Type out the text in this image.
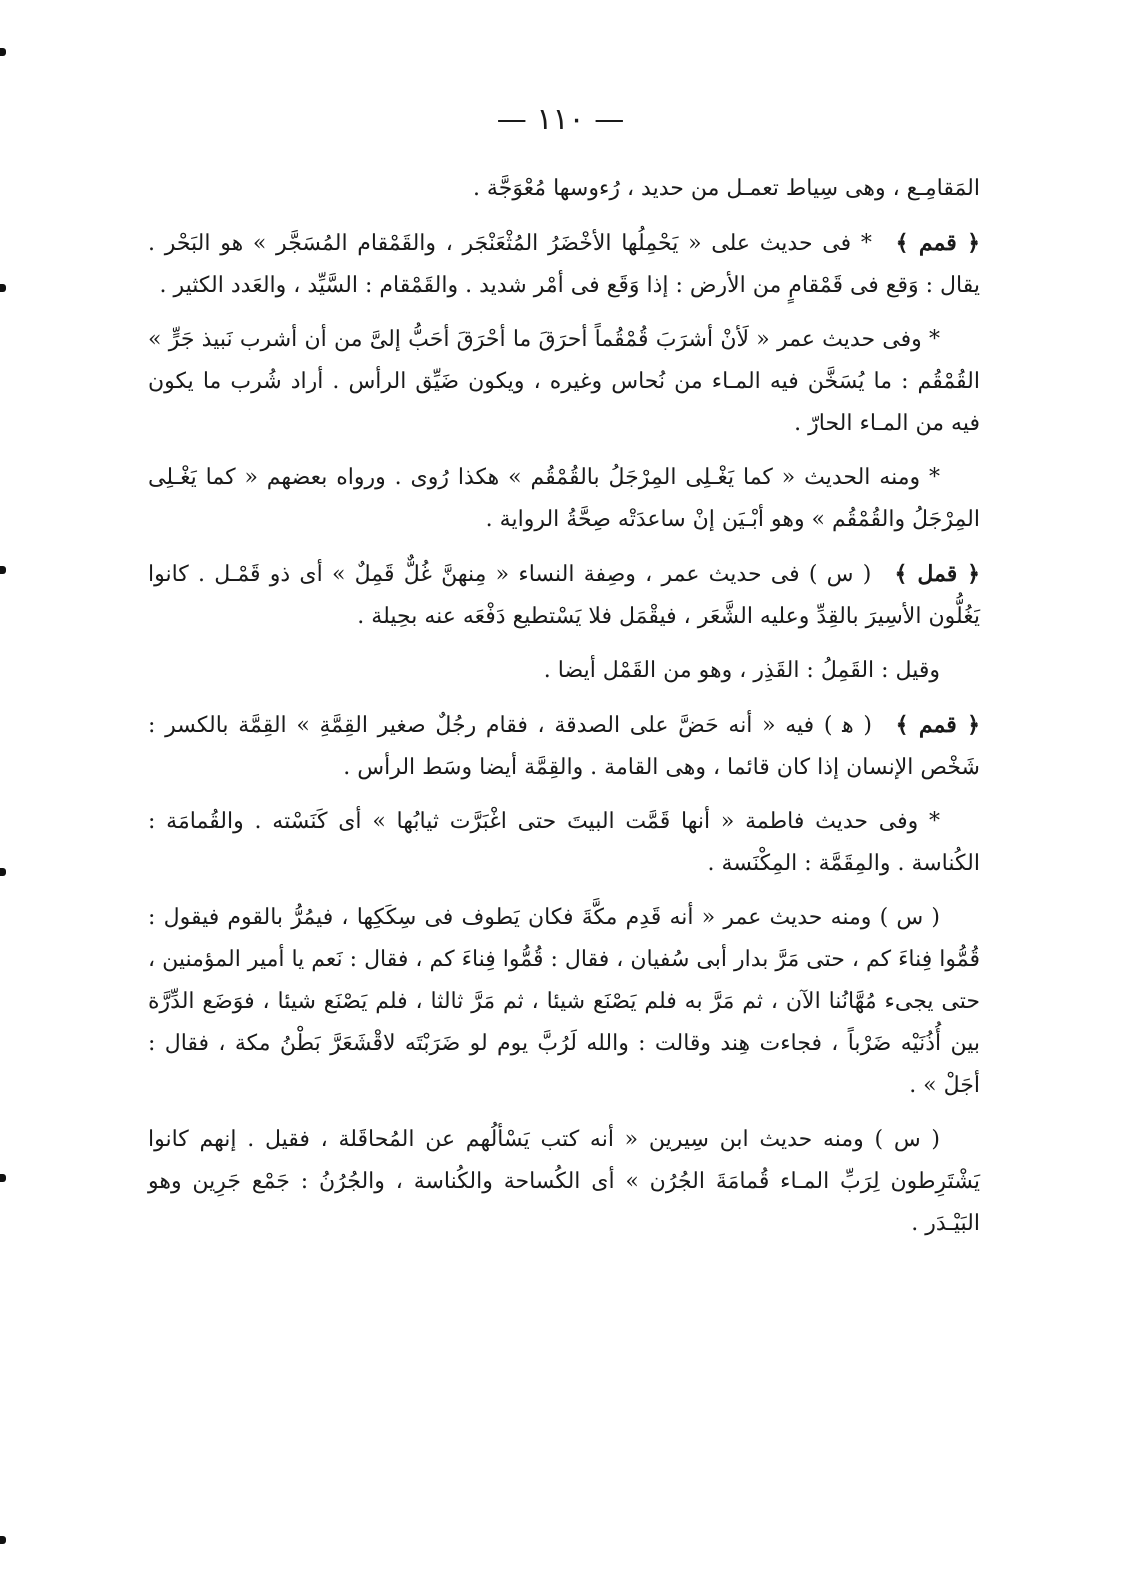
— ١١٠ —

المَقامِـع ، وهى سِياط تعمـل من حديد ، رُءوسها مُعْوَجَّة .

﴿ قمم ﴾ * فى حديث على « يَحْمِلُها الأخْضَرُ المُثْعَنْجَر ، والقَمْقام المُسَجَّر » هو البَحْر . يقال : وَقع فى قَمْقامٍ من الأرض : إذا وَقَع فى أمْر شديد . والقَمْقام : السَّيِّد ، والعَدد الكثير .

* وفى حديث عمر « لَأنْ أشرَبَ قُمْقُماً أحرَقَ ما أحْرَقَ أحَبُّ إلىَّ من أن أشرب نَبيذ جَرٍّ » القُمْقُم : ما يُسَخَّن فيه المـاء من نُحاس وغيره ، ويكون ضَيِّق الرأس . أراد شُرب ما يكون فيه من المـاء الحارّ .

* ومنه الحديث « كما يَغْـلِى المِرْجَلُ بالقُمْقُم » هكذا رُوى . ورواه بعضهم « كما يَغْـلِى المِرْجَلُ والقُمْقُم » وهو أبْـيَن إنْ ساعدَتْه صِحَّةُ الرواية .

﴿ قمل ﴾ ( س ) فى حديث عمر ، وصِفة النساء « مِنهنَّ غُلٌّ قَمِلٌ » أى ذو قَمْـل . كانوا يَغُلُّون الأسِيرَ بالقِدِّ وعليه الشَّعَر ، فيقْمَل فلا يَسْتطيع دَفْعَه عنه بحِيلة .

وقيل : القَمِلُ : القَذِر ، وهو من القَمْل أيضا .

﴿ قمم ﴾ ( ﻫ ) فيه « أنه حَضَّ على الصدقة ، فقام رجُلٌ صغير القِمَّةِ » القِمَّة بالكسر : شَخْص الإنسان إذا كان قائما ، وهى القامة . والقِمَّة أيضا وسَط الرأس .

* وفى حديث فاطمة « أنها قَمَّت البيتَ حتى اغْبَرَّت ثيابُها » أى كَنَسْته . والقُمامَة : الكُناسة . والمِقَمَّة : المِكْنَسة .

( س ) ومنه حديث عمر « أنه قَدِم مكَّةَ فكان يَطوف فى سِكَكِها ، فيمُرُّ بالقوم فيقول : قُمُّوا فِناءَ كم ، حتى مَرَّ بدار أبى سُفيان ، فقال : قُمُّوا فِناءَ كم ، فقال : نَعم يا أمير المؤمنين ، حتى يجىء مُهَّانُنا الآن ، ثم مَرَّ به فلم يَصْنَع شيئا ، ثم مَرَّ ثالثا ، فلم يَصْنَع شيئا ، فوَضَع الدِّرَّة بين أُذُنَيْه ضَرْباً ، فجاءت هِند وقالت : والله لَرُبَّ يوم لو ضَرَبْتَه لاقْشَعَرَّ بَطْنُ مكة ، فقال : أجَلْ » .

( س ) ومنه حديث ابن سِيرين « أنه كتب يَسْألُهم عن المُحاقَلة ، فقيل . إنهم كانوا يَشْتَرِطون لِرَبِّ المـاء قُمامَةَ الجُرُن » أى الكُساحة والكُناسة ، والجُرُنُ : جَمْع جَرِين وهو البَيْـدَر .
